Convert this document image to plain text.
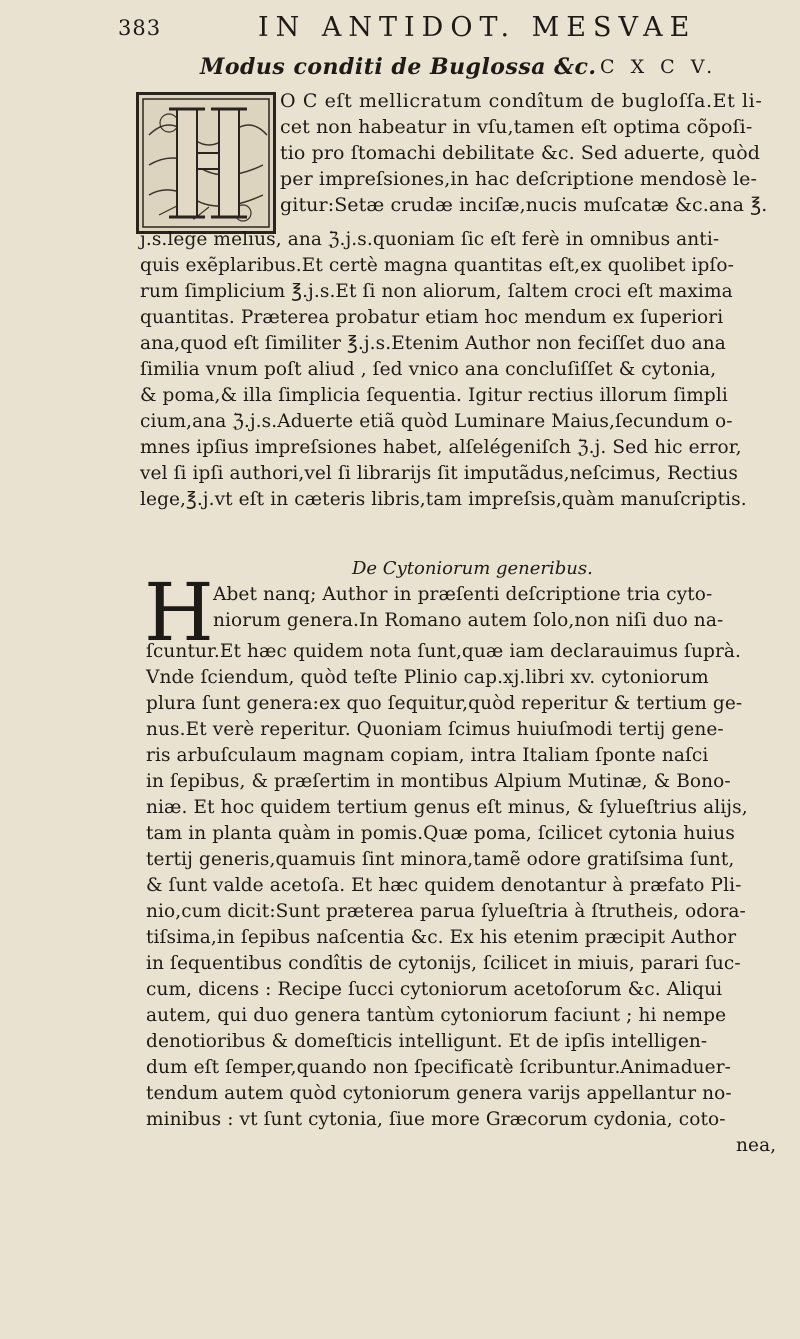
383	IN ANTIDOT. MESVAE
Modus conditi de Buglossa &c. C X C V.
O C eſt mellicratum condîtum de bugloſſa.Et li-
cet non habeatur in vſu,tamen eſt optima cõpoſi-
tio pro ſtomachi debilitate &c. Sed aduerte, quòd
per impreſsiones,in hac deſcriptione mendosè le-
gitur:Setæ crudæ inciſæ,nucis muſcatæ &c.ana ℥.
j.s.lege melius, ana ℨ.j.s.quoniam ſic eſt ferè in omnibus anti-
quis exẽplaribus.Et certè magna quantitas eſt,ex quolibet ipſo-
rum ſimplicium ℥.j.s.Et ſi non aliorum, ſaltem croci eſt maxima
quantitas. Præterea probatur etiam hoc mendum ex ſuperiori
ana,quod eſt ſimiliter ℥.j.s.Etenim Author non feciſſet duo ana
ſimilia vnum poſt aliud , ſed vnico ana concluſiſſet & cytonia,
& poma,& illa ſimplicia ſequentia. Igitur rectius illorum ſimpli
cium,ana ℨ.j.s.Aduerte etiã quòd Luminare Maius,ſecundum o-
mnes ipſius impreſsiones habet, alſelégeniſch ℨ.j. Sed hic error,
vel ſi ipſi authori,vel ſi librarijs ſit imputãdus,neſcimus, Rectius
lege,℥.j.vt eſt in cæteris libris,tam impreſsis,quàm manuſcriptis.
De Cytoniorum generibus.
H Abet nanq; Author in præſenti deſcriptione tria cyto-
niorum genera.In Romano autem ſolo,non niſi duo na-
ſcuntur.Et hæc quidem nota ſunt,quæ iam declarauimus ſuprà.
Vnde ſciendum, quòd teſte Plinio cap.xj.libri xv. cytoniorum
plura ſunt genera:ex quo ſequitur,quòd reperitur & tertium ge-
nus.Et verè reperitur. Quoniam ſcimus huiuſmodi tertij gene-
ris arbuſculaum magnam copiam, intra Italiam ſponte naſci
in ſepibus, & præſertim in montibus Alpium Mutinæ, & Bono-
niæ. Et hoc quidem tertium genus eſt minus, & ſylueſtrius alijs,
tam in planta quàm in pomis.Quæ poma, ſcilicet cytonia huius
tertij generis,quamuis ſint minora,tamẽ odore gratiſsima ſunt,
& ſunt valde acetoſa. Et hæc quidem denotantur à præfato Pli-
nio,cum dicit:Sunt præterea parua ſylueſtria à ſtrutheis, odora-
tiſsima,in ſepibus naſcentia &c. Ex his etenim præcipit Author
in ſequentibus condîtis de cytonijs, ſcilicet in miuis, parari ſuc-
cum, dicens : Recipe ſucci cytoniorum acetoſorum &c. Aliqui
autem, qui duo genera tantùm cytoniorum faciunt ; hi nempe
denotioribus & domeſticis intelligunt. Et de ipſis intelligen-
dum eſt ſemper,quando non ſpecificatè ſcribuntur.Animaduer-
tendum autem quòd cytoniorum genera varijs appellantur no-
minibus : vt ſunt cytonia, ſiue more Græcorum cydonia, coto-
nea,
